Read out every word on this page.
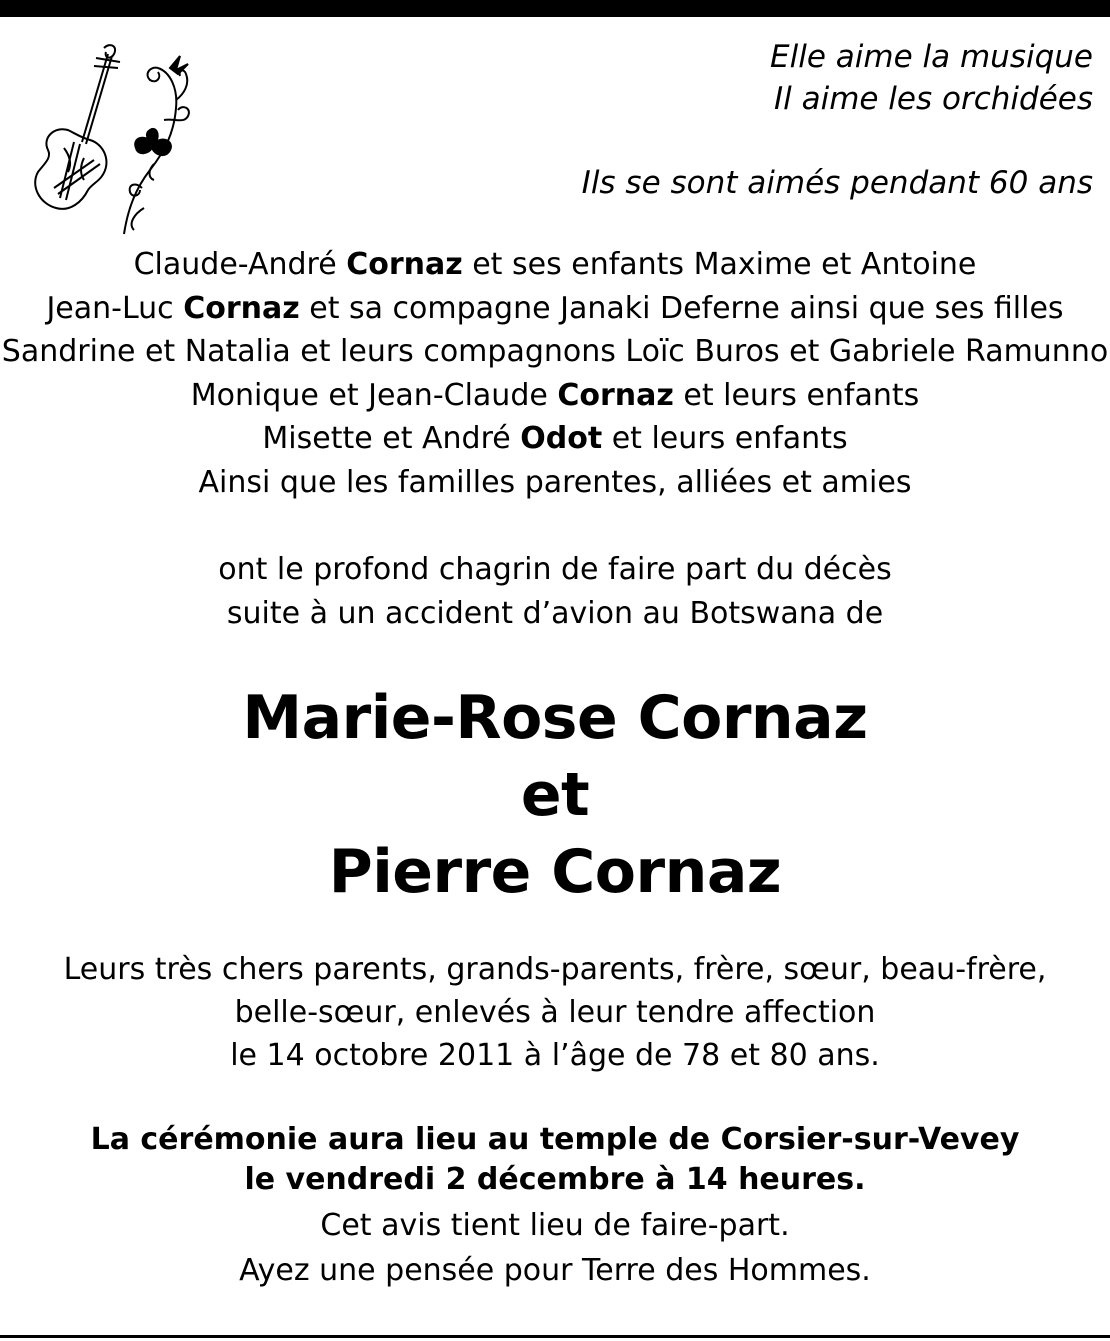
Elle aime la musique
Il aime les orchidées
Ils se sont aimés pendant 60 ans
Claude-André Cornaz et ses enfants Maxime et Antoine
Jean-Luc Cornaz et sa compagne Janaki Deferne ainsi que ses filles
Sandrine et Natalia et leurs compagnons Loïc Buros et Gabriele Ramunno
Monique et Jean-Claude Cornaz et leurs enfants
Misette et André Odot et leurs enfants
Ainsi que les familles parentes, alliées et amies
ont le profond chagrin de faire part du décès
suite à un accident d’avion au Botswana de
Marie-Rose Cornaz
et
Pierre Cornaz
Leurs très chers parents, grands-parents, frère, sœur, beau-frère,
belle-sœur, enlevés à leur tendre affection
le 14 octobre 2011 à l’âge de 78 et 80 ans.
La cérémonie aura lieu au temple de Corsier-sur-Vevey
le vendredi 2 décembre à 14 heures.
Cet avis tient lieu de faire-part.
Ayez une pensée pour Terre des Hommes.
